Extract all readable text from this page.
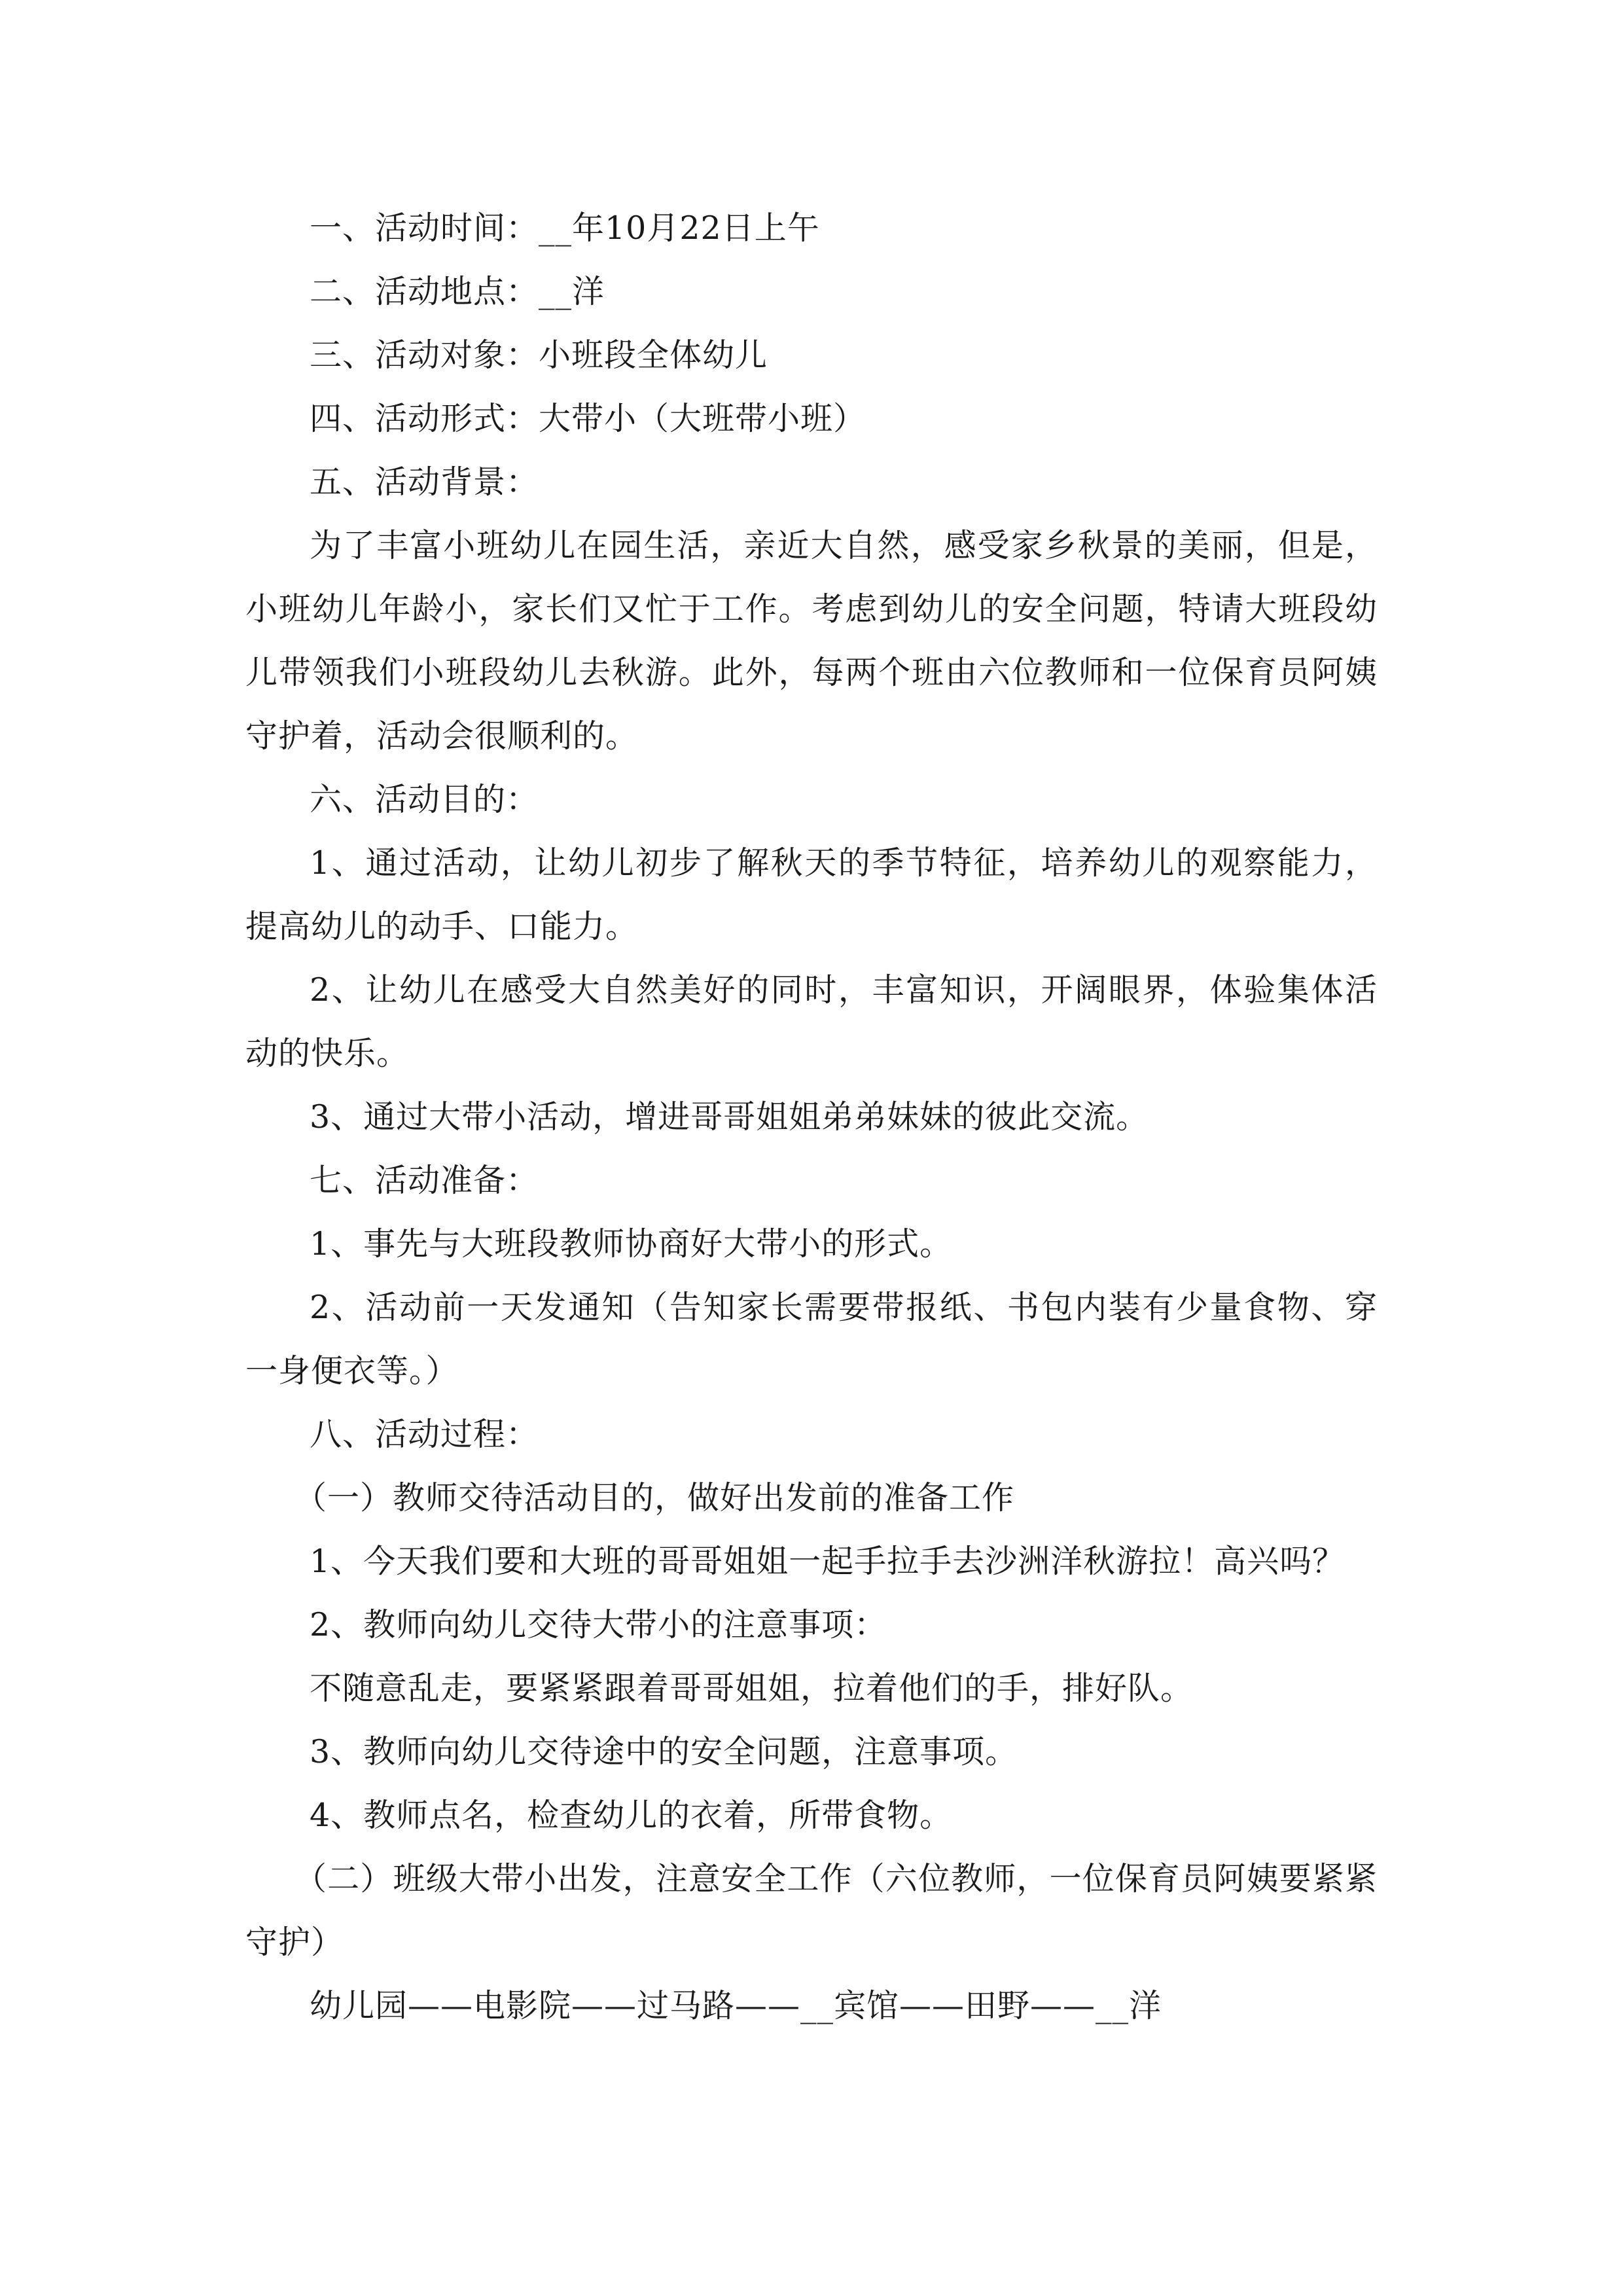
一、活动时间：__年10月22日上午

二、活动地点：__洋

三、活动对象：小班段全体幼儿

四、活动形式：大带小（大班带小班）

五、活动背景：

为了丰富小班幼儿在园生活，亲近大自然，感受家乡秋景的美丽，但是，小班幼儿年龄小，家长们又忙于工作。考虑到幼儿的安全问题，特请大班段幼儿带领我们小班段幼儿去秋游。此外，每两个班由六位教师和一位保育员阿姨守护着，活动会很顺利的。

六、活动目的：

1、通过活动，让幼儿初步了解秋天的季节特征，培养幼儿的观察能力，提高幼儿的动手、口能力。

2、让幼儿在感受大自然美好的同时，丰富知识，开阔眼界，体验集体活动的快乐。

3、通过大带小活动，增进哥哥姐姐弟弟妹妹的彼此交流。

七、活动准备：

1、事先与大班段教师协商好大带小的形式。

2、活动前一天发通知（告知家长需要带报纸、书包内装有少量食物、穿一身便衣等。）

八、活动过程：

（一）教师交待活动目的，做好出发前的准备工作

1、今天我们要和大班的哥哥姐姐一起手拉手去沙洲洋秋游拉！高兴吗？

2、教师向幼儿交待大带小的注意事项：

不随意乱走，要紧紧跟着哥哥姐姐，拉着他们的手，排好队。

3、教师向幼儿交待途中的安全问题，注意事项。

4、教师点名，检查幼儿的衣着，所带食物。

（二）班级大带小出发，注意安全工作（六位教师，一位保育员阿姨要紧紧守护）

幼儿园——电影院——过马路——__宾馆——田野——__洋
